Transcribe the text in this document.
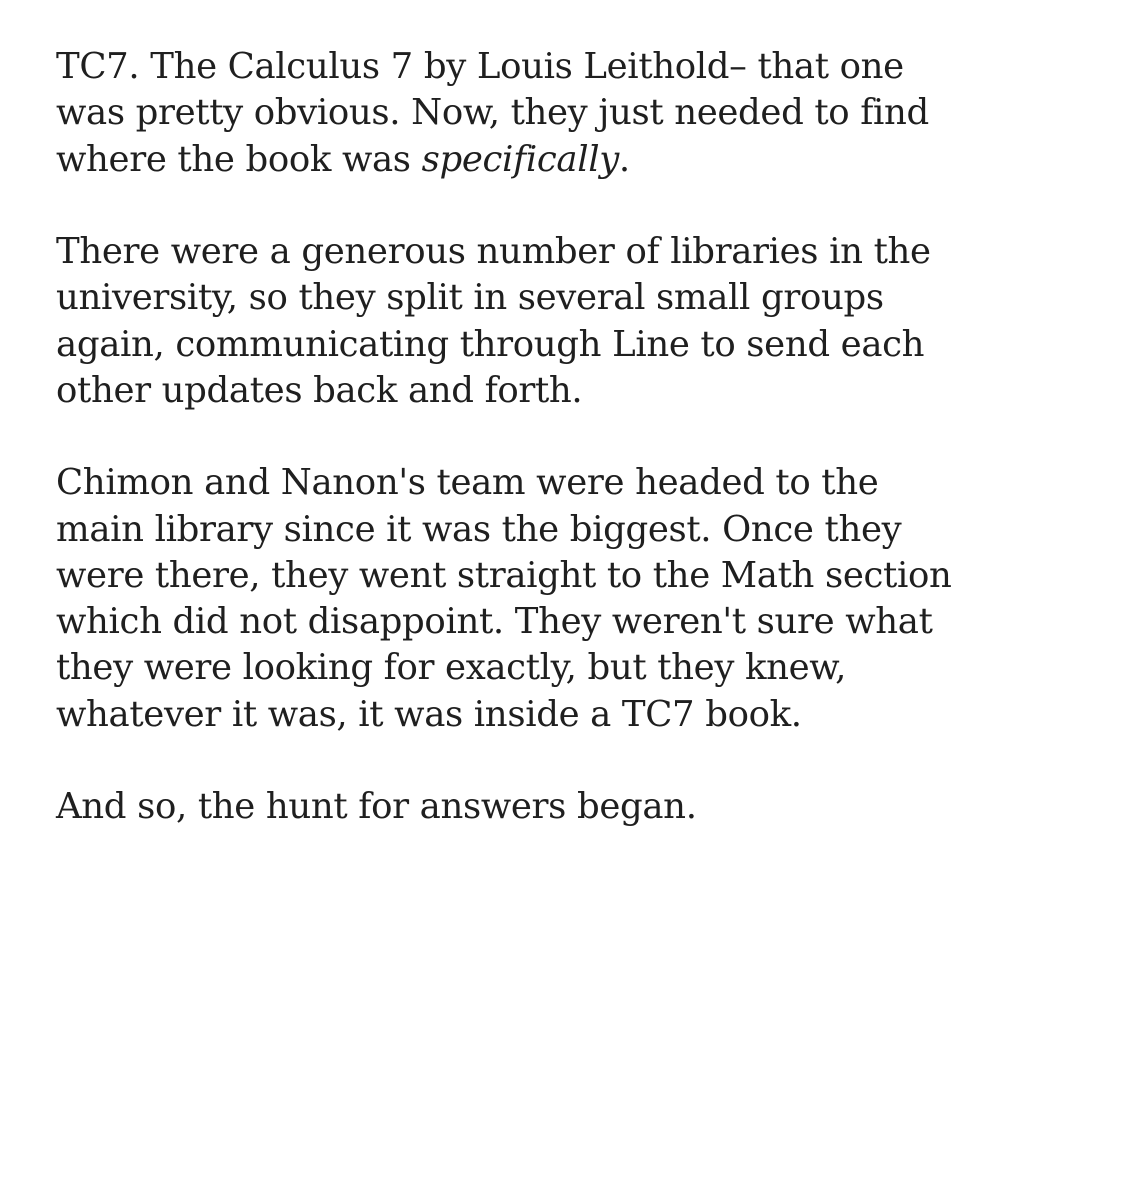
TC7. The Calculus 7 by Louis Leithold– that one
was pretty obvious. Now, they just needed to find
where the book was specifically.

There were a generous number of libraries in the
university, so they split in several small groups
again, communicating through Line to send each
other updates back and forth.

Chimon and Nanon's team were headed to the
main library since it was the biggest. Once they
were there, they went straight to the Math section
which did not disappoint. They weren't sure what
they were looking for exactly, but they knew,
whatever it was, it was inside a TC7 book.

And so, the hunt for answers began.
